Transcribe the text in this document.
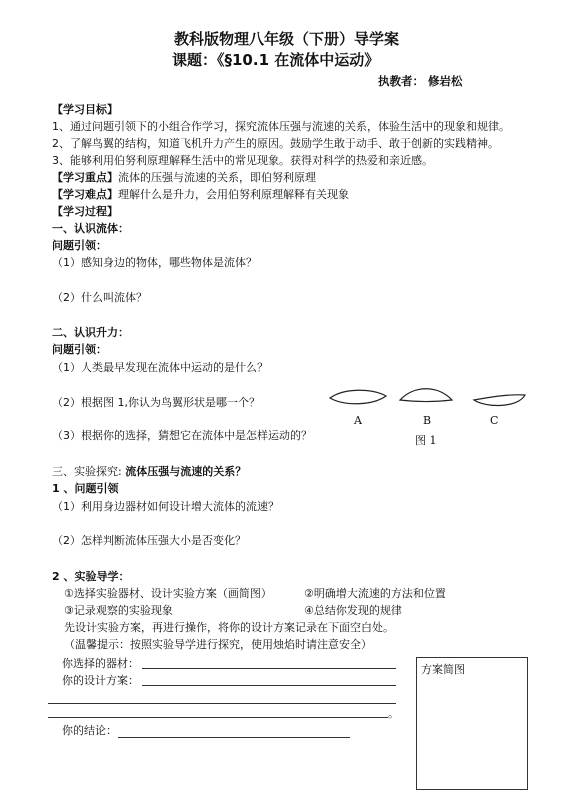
教科版物理八年级（下册）导学案
课题：《§10.1 在流体中运动》
执教者： 修岩松
【学习目标】
1、通过问题引领下的小组合作学习，探究流体压强与流速的关系，体验生活中的现象和规律。
2、了解鸟翼的结构，知道飞机升力产生的原因。鼓励学生敢于动手、敢于创新的实践精神。
3、能够利用伯努利原理解释生活中的常见现象。获得对科学的热爱和亲近感。
【学习重点】流体的压强与流速的关系，即伯努利原理
【学习难点】理解什么是升力，会用伯努利原理解释有关现象
【学习过程】
一、认识流体：
问题引领：
（1）感知身边的物体，哪些物体是流体？
（2）什么叫流体？
二、认识升力：
问题引领：
（1）人类最早发现在流体中运动的是什么？
（2）根据图 1,你认为鸟翼形状是哪一个？
（3）根据你的选择，猜想它在流体中是怎样运动的？
A	B	C
图 1
三、实验探究: 流体压强与流速的关系？
1 、问题引领
（1）利用身边器材如何设计增大流体的流速？
（2）怎样判断流体压强大小是否变化？
2 、实验导学：
①选择实验器材、设计实验方案（画简图）	②明确增大流速的方法和位置
③记录观察的实验现象	④总结你发现的规律
先设计实验方案，再进行操作，将你的设计方案记录在下面空白处。
（温馨提示：按照实验导学进行探究，使用烛焰时请注意安全）
你选择的器材：
你的设计方案：
。
你的结论：
方案简图
